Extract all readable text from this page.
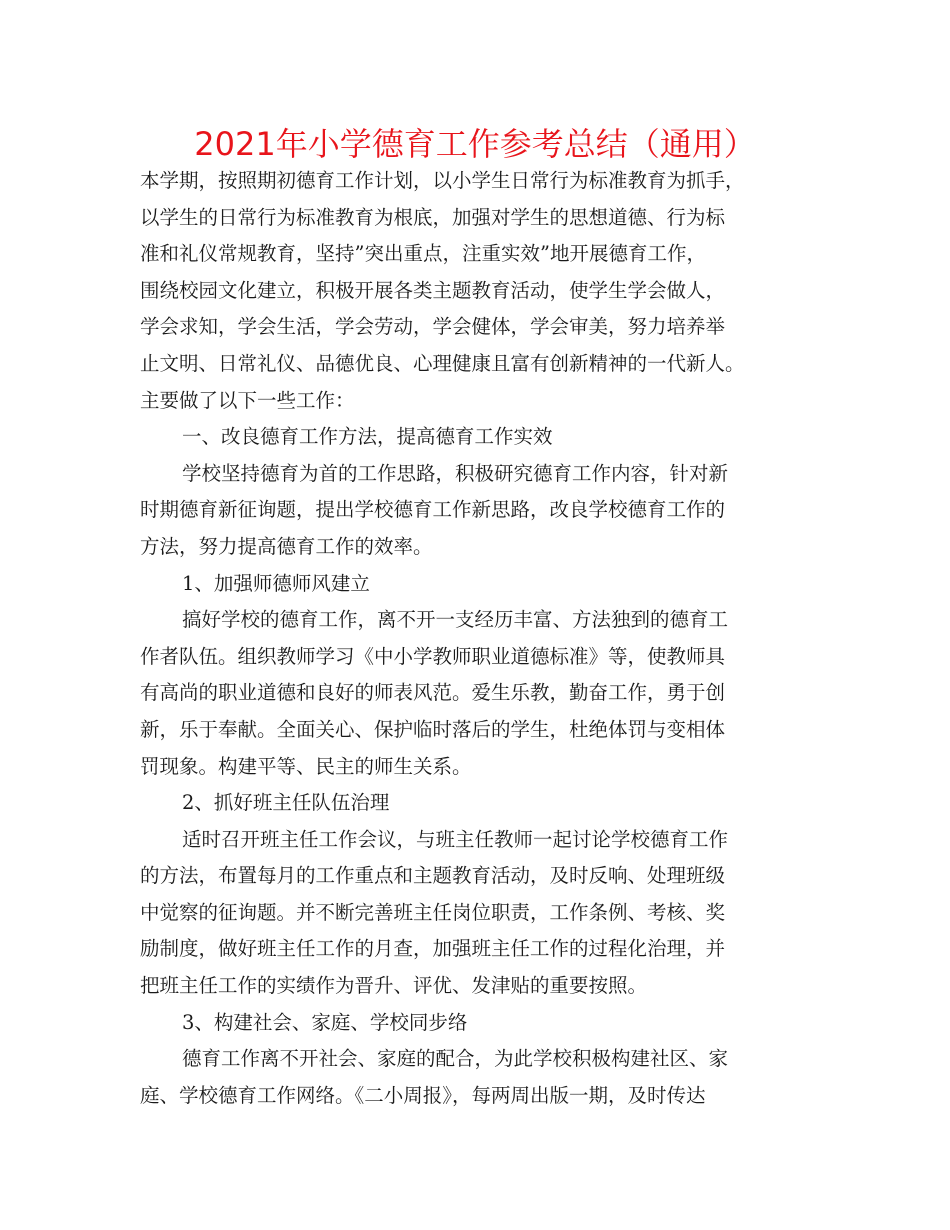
2021年小学德育工作参考总结（通用）
本学期，按照期初德育工作计划，以小学生日常行为标准教育为抓手，
以学生的日常行为标准教育为根底，加强对学生的思想道德、行为标
准和礼仪常规教育，坚持”突出重点，注重实效”地开展德育工作，
围绕校园文化建立，积极开展各类主题教育活动，使学生学会做人，
学会求知，学会生活，学会劳动，学会健体，学会审美，努力培养举
止文明、日常礼仪、品德优良、心理健康且富有创新精神的一代新人。
主要做了以下一些工作：
一、改良德育工作方法，提高德育工作实效
学校坚持德育为首的工作思路，积极研究德育工作内容，针对新
时期德育新征询题，提出学校德育工作新思路，改良学校德育工作的
方法，努力提高德育工作的效率。
1、加强师德师风建立
搞好学校的德育工作，离不开一支经历丰富、方法独到的德育工
作者队伍。组织教师学习《中小学教师职业道德标准》等，使教师具
有高尚的职业道德和良好的师表风范。爱生乐教，勤奋工作，勇于创
新，乐于奉献。全面关心、保护临时落后的学生，杜绝体罚与变相体
罚现象。构建平等、民主的师生关系。
2、抓好班主任队伍治理
适时召开班主任工作会议，与班主任教师一起讨论学校德育工作
的方法，布置每月的工作重点和主题教育活动，及时反响、处理班级
中觉察的征询题。并不断完善班主任岗位职责，工作条例、考核、奖
励制度，做好班主任工作的月查，加强班主任工作的过程化治理，并
把班主任工作的实绩作为晋升、评优、发津贴的重要按照。
3、构建社会、家庭、学校同步络
德育工作离不开社会、家庭的配合，为此学校积极构建社区、家
庭、学校德育工作网络。《二小周报》，每两周出版一期，及时传达
